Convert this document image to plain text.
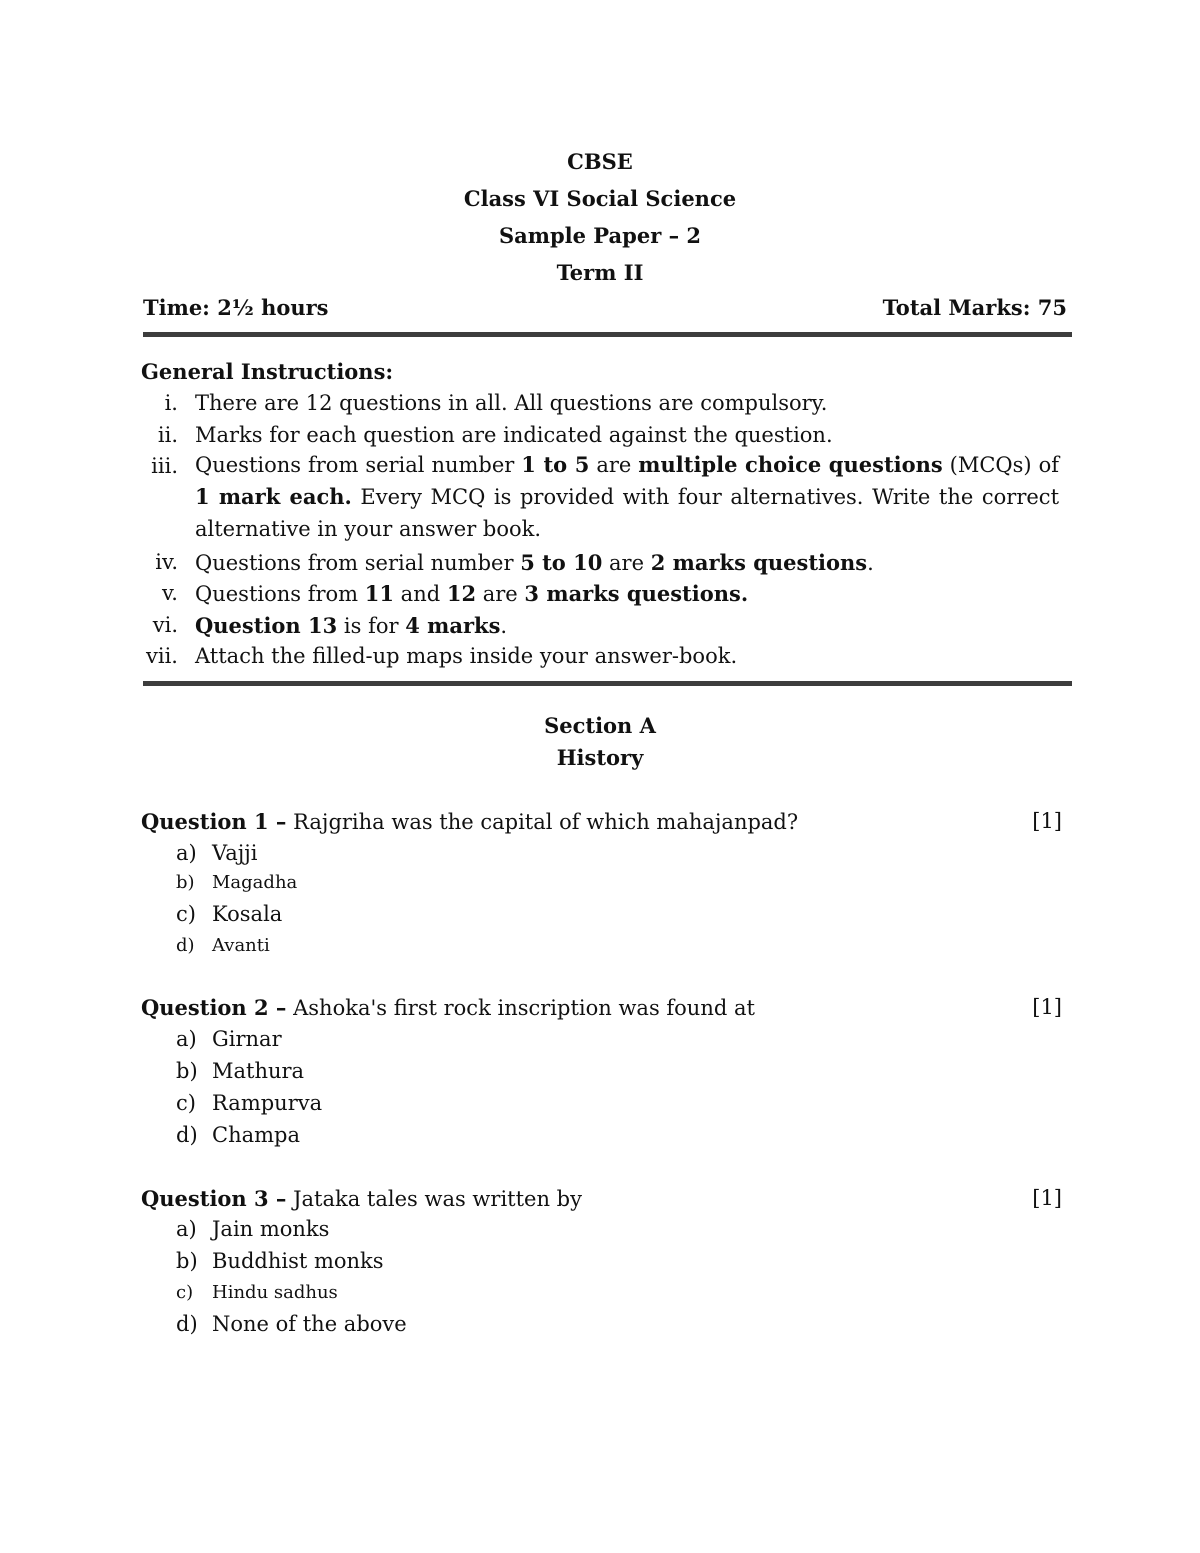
CBSE
Class VI Social Science
Sample Paper – 2
Term II
Time: 2½ hours	Total Marks: 75
General Instructions:
i. There are 12 questions in all. All questions are compulsory.
ii. Marks for each question are indicated against the question.
iii. Questions from serial number 1 to 5 are multiple choice questions (MCQs) of 1 mark each. Every MCQ is provided with four alternatives. Write the correct alternative in your answer book.
iv. Questions from serial number 5 to 10 are 2 marks questions.
v. Questions from 11 and 12 are 3 marks questions.
vi. Question 13 is for 4 marks.
vii. Attach the filled-up maps inside your answer-book.
Section A
History
Question 1 – Rajgriha was the capital of which mahajanpad?	[1]
a) Vajji
b) Magadha
c) Kosala
d) Avanti
Question 2 – Ashoka's first rock inscription was found at	[1]
a) Girnar
b) Mathura
c) Rampurva
d) Champa
Question 3 – Jataka tales was written by	[1]
a) Jain monks
b) Buddhist monks
c) Hindu sadhus
d) None of the above
